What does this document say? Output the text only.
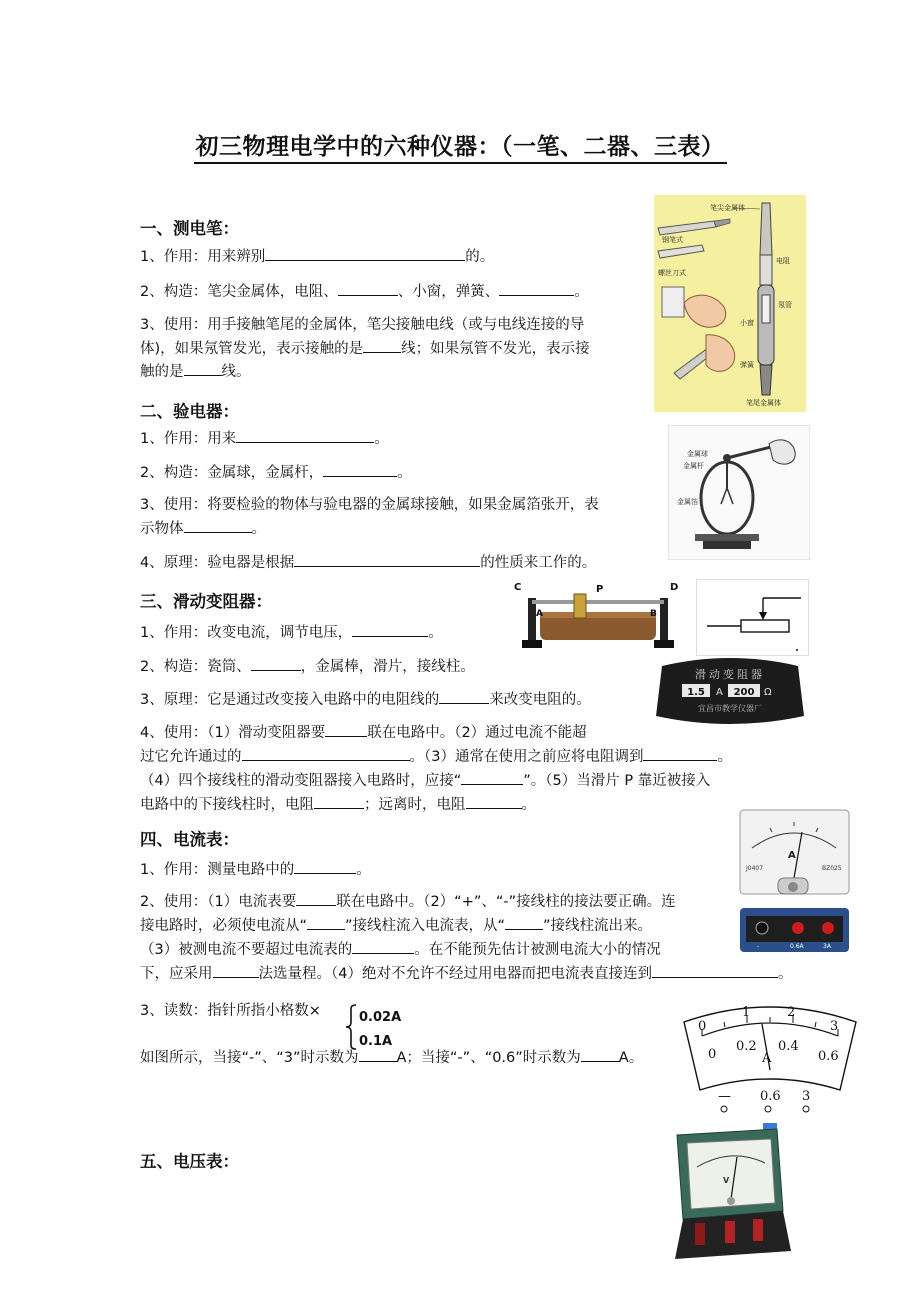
初三物理电学中的六种仪器：（一笔、二器、三表）
一、测电笔：
1、作用：用来辨别	的。
2、构造：笔尖金属体，电阻、	、小窗，弹簧、	。
3、使用：用手接触笔尾的金属体，笔尖接触电线（或与电线连接的导
体)，如果氖管发光，表示接触的是	线；如果氖管不发光，表示接
触的是	线。
笔尖金属体
螺丝刀式
电阻
氖管
小窗
弹簧
笔尾金属体
钢笔式
二、验电器：
1、作用：用来	。
2、构造：金属球，金属杆，	。
3、使用：将要检验的物体与验电器的金属球接触，如果金属箔张开，表
示物体	。
4、原理：验电器是根据	的性质来工作的。
金属球
金属杆
金属箔
三、滑动变阻器：
1、作用：改变电流，调节电压，	。
2、构造：瓷筒、	，金属棒，滑片，接线柱。
3、原理：它是通过改变接入电路中的电阻线的	来改变电阻的。
4、使用：（1）滑动变阻器要	联在电路中。（2）通过电流不能超
过它允许通过的	。（3）通常在使用之前应将电阻调到	。
（4）四个接线柱的滑动变阻器接入电路时，应接“	”。（5）当滑片 P 靠近被接入
电路中的下接线柱时，电阻	；远离时，电阻	。
C	P	D
A	B
滑动变阻器
1.5 A 200 Ω
宜昌市教学仪器厂
四、电流表：
1、作用：测量电路中的	。
2、使用：（1）电流表要	联在电路中。（2）“+”、“-”接线柱的接法要正确。连
接电路时，必须使电流从“	”接线柱流入电流表，从“	”接线柱流出来。
（3）被测电流不要超过电流表的	。在不能预先估计被测电流大小的情况
下，应采用	法选量程。（4）绝对不允许不经过用电器而把电流表直接连到	。
3、读数：指针所指小格数×	0.02A
0.1A
如图所示，当接“-”、“3”时示数为	A；当接“-”、“0.6”时示数为	A。
A
J0407	BZ025
-	0.6A	3A
0
1	2
3
0
0.2 0.4
0.6
A
— 0.6 3
五、电压表：
V
